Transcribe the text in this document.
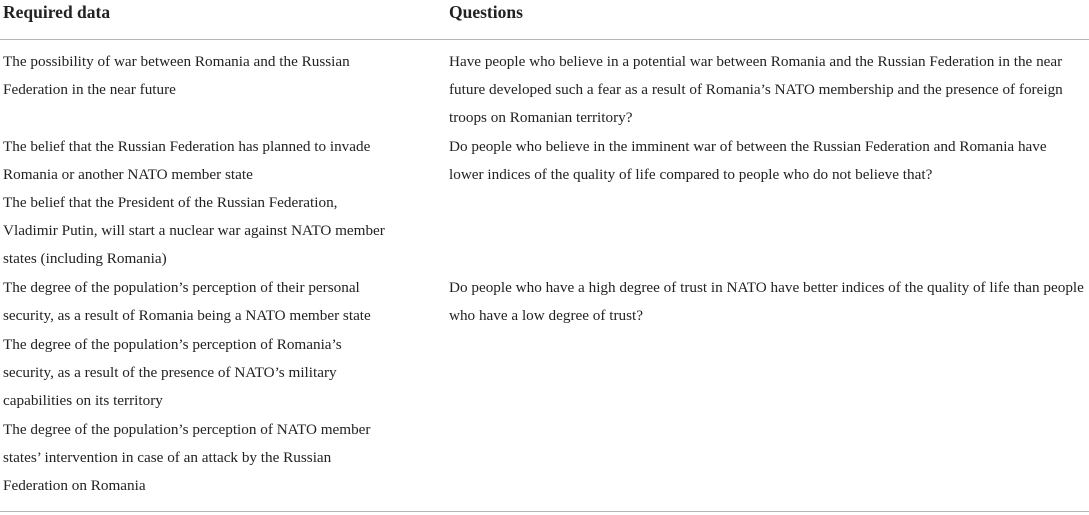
Required data	Questions
The possibility of war between Romania and the Russian Federation in the near future
Have people who believe in a potential war between Romania and the Russian Federation in the near future developed such a fear as a result of Romania’s NATO membership and the presence of foreign troops on Romanian territory?
The belief that the Russian Federation has planned to invade Romania or another NATO member state
Do people who believe in the imminent war of between the Russian Federation and Romania have lower indices of the quality of life compared to people who do not believe that?
The belief that the President of the Russian Federation, Vladimir Putin, will start a nuclear war against NATO member states (including Romania)
The degree of the population’s perception of their personal security, as a result of Romania being a NATO member state
Do people who have a high degree of trust in NATO have better indices of the quality of life than people who have a low degree of trust?
The degree of the population’s perception of Romania’s security, as a result of the presence of NATO’s military capabilities on its territory
The degree of the population’s perception of NATO member states’ intervention in case of an attack by the Russian Federation on Romania
